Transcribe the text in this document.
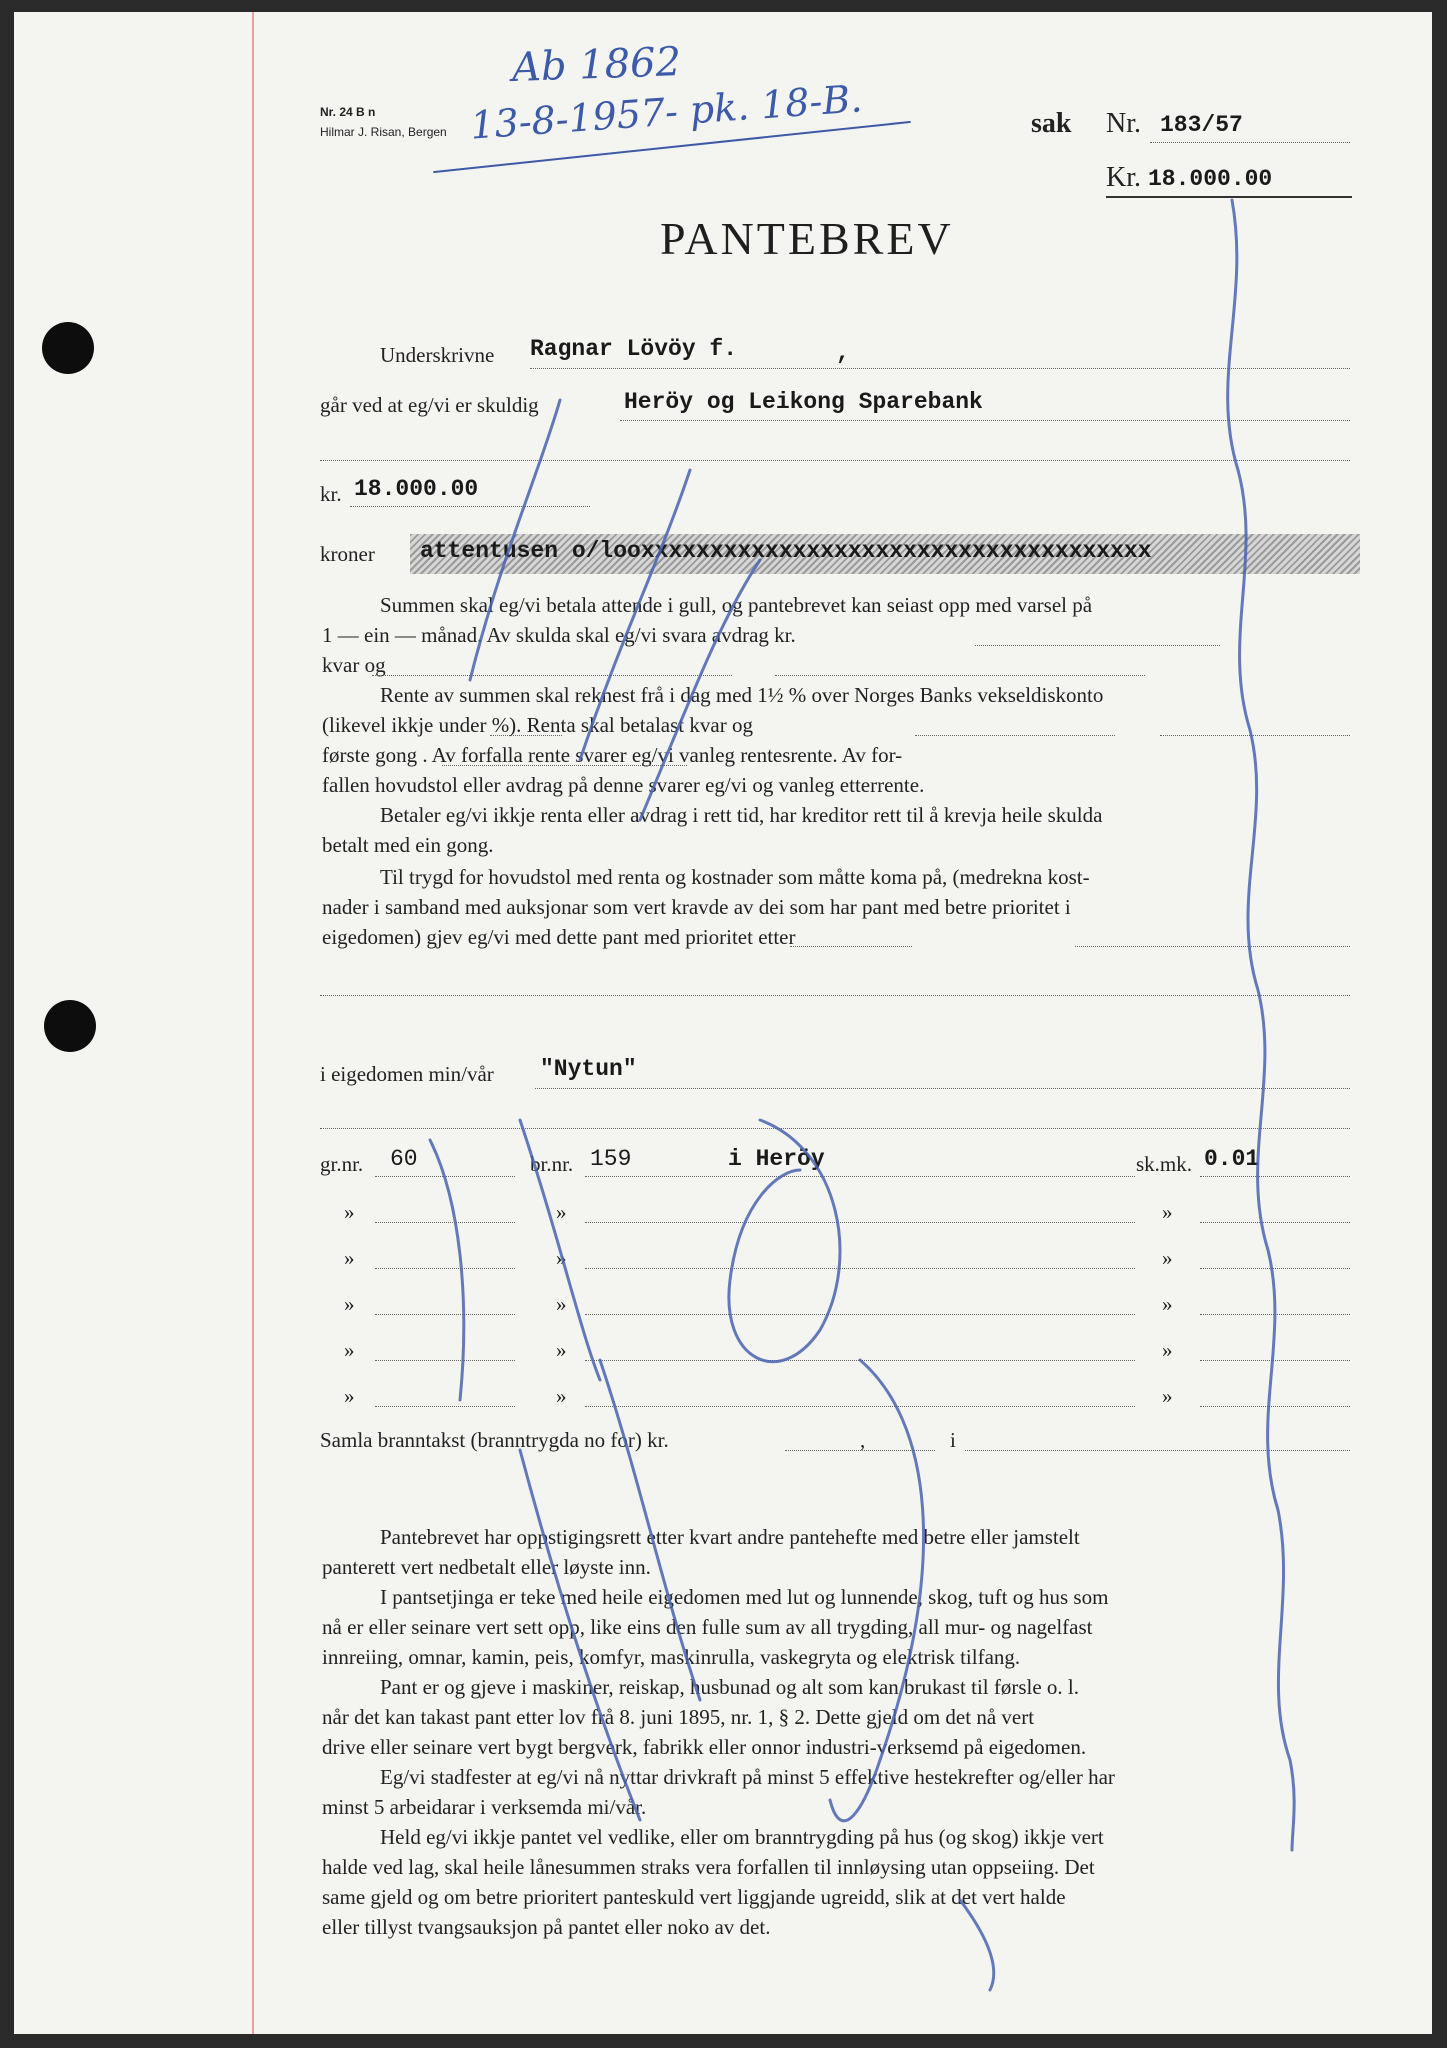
Nr. 24 B n
Hilmar J. Risan, Bergen
Ab 1862
13-8-1957- pk. 18-B.	sak Nr. 183/57
Kr. 18.000.00
PANTEBREV
Underskrivne Ragnar Lövöy f.	,
går ved at eg/vi er skuldig	Heröy og Leikong Sparebank
kr. 18.000.00
kroner attentusen o/looxxxxxxxxxxxxxxxxxxxxxxxxxxxxxxxxxxxxx
Summen skal eg/vi betala attende i gull, og pantebrevet kan seiast opp med varsel på
1 — ein — månad. Av skulda skal eg/vi svara avdrag kr.
kvar og
Rente av summen skal reknest frå i dag med 1½ % over Norges Banks vekseldiskonto
(likevel ikkje under %). Renta skal betalast kvar og
første gong . Av forfalla rente svarer eg/vi vanleg rentesrente. Av for-
fallen hovudstol eller avdrag på denne svarer eg/vi og vanleg etterrente.
Betaler eg/vi ikkje renta eller avdrag i rett tid, har kreditor rett til å krevja heile skulda
betalt med ein gong.
Til trygd for hovudstol med renta og kostnader som måtte koma på, (medrekna kost-
nader i samband med auksjonar som vert kravde av dei som har pant med betre prioritet i
eigedomen) gjev eg/vi med dette pant med prioritet etter
i eigedomen min/vår "Nytun"
gr.nr. 60	br.nr. 159	i Heröy	sk.mk. 0.01
»	»	»
»	»	»
»	»	»
»	»	»
»	»	»
Samla branntakst (branntrygda no for) kr.	,	i
Pantebrevet har oppstigingsrett etter kvart andre pantehefte med betre eller jamstelt
panterett vert nedbetalt eller løyste inn.
I pantsetjinga er teke med heile eigedomen med lut og lunnende, skog, tuft og hus som
nå er eller seinare vert sett opp, like eins den fulle sum av all trygding, all mur- og nagelfast
innreiing, omnar, kamin, peis, komfyr, maskinrulla, vaskegryta og elektrisk tilfang.
Pant er og gjeve i maskiner, reiskap, husbunad og alt som kan brukast til førsle o. l.
når det kan takast pant etter lov frå 8. juni 1895, nr. 1, § 2. Dette gjeld om det nå vert
drive eller seinare vert bygt bergverk, fabrikk eller onnor industri-verksemd på eigedomen.
Eg/vi stadfester at eg/vi nå nyttar drivkraft på minst 5 effektive hestekrefter og/eller har
minst 5 arbeidarar i verksemda mi/vår.
Held eg/vi ikkje pantet vel vedlike, eller om branntrygding på hus (og skog) ikkje vert
halde ved lag, skal heile lånesummen straks vera forfallen til innløysing utan oppseiing. Det
same gjeld og om betre prioritert panteskuld vert liggjande ugreidd, slik at det vert halde
eller tillyst tvangsauksjon på pantet eller noko av det.
